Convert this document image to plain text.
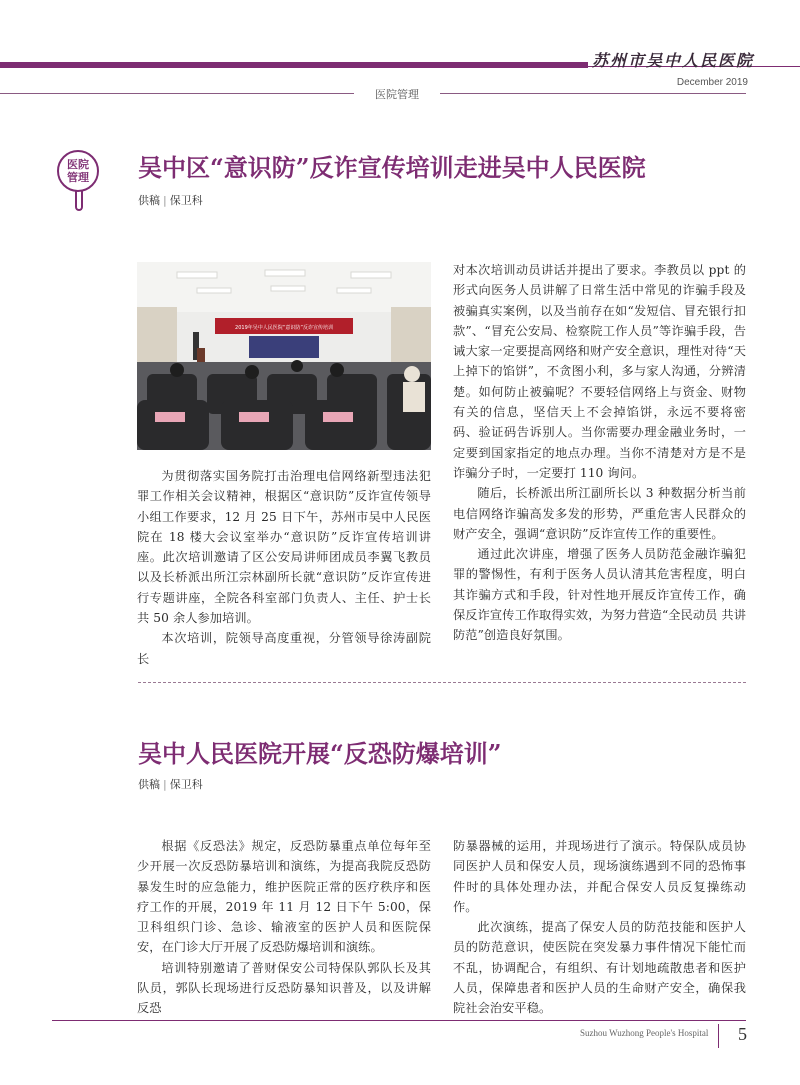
苏州市吴中人民医院
December 2019
医院管理
医院
管理 吴中区“意识防”反诈宣传培训走进吴中人民医院
供稿 | 保卫科
2019年吴中人民医院“意识防”反诈宣传培训

为贯彻落实国务院打击治理电信网络新型违法犯罪工作相关会议精神，根据区“意识防”反诈宣传领导小组工作要求，12 月 25 日下午，苏州市吴中人民医院在 18 楼大会议室举办“意识防”反诈宣传培训讲座。此次培训邀请了区公安局讲师团成员李翼飞教员以及长桥派出所江宗林副所长就“意识防”反诈宣传进行专题讲座，全院各科室部门负责人、主任、护士长共 50 余人参加培训。

本次培训，院领导高度重视，分管领导徐涛副院长

对本次培训动员讲话并提出了要求。李教员以 ppt 的形式向医务人员讲解了日常生活中常见的诈骗手段及被骗真实案例，以及当前存在如“发短信、冒充银行扣款”、“冒充公安局、检察院工作人员”等诈骗手段，告诫大家一定要提高网络和财产安全意识，理性对待“天上掉下的馅饼”，不贪图小利，多与家人沟通，分辨清楚。如何防止被骗呢？不要轻信网络上与资金、财物有关的信息，坚信天上不会掉馅饼，永远不要将密码、验证码告诉别人。当你需要办理金融业务时，一定要到国家指定的地点办理。当你不清楚对方是不是诈骗分子时，一定要打 110 询问。

随后，长桥派出所江副所长以 3 种数据分析当前电信网络诈骗高发多发的形势，严重危害人民群众的财产安全，强调“意识防”反诈宣传工作的重要性。

通过此次讲座，增强了医务人员防范金融诈骗犯罪的警惕性，有利于医务人员认清其危害程度，明白其诈骗方式和手段，针对性地开展反诈宣传工作，确保反诈宣传工作取得实效，为努力营造“全民动员 共讲防范”创造良好氛围。

吴中人民医院开展“反恐防爆培训”
供稿 | 保卫科

根据《反恐法》规定，反恐防暴重点单位每年至少开展一次反恐防暴培训和演练，为提高我院反恐防暴发生时的应急能力，维护医院正常的医疗秩序和医疗工作的开展，2019 年 11 月 12 日下午 5:00，保卫科组织门诊、急诊、输液室的医护人员和医院保安，在门诊大厅开展了反恐防爆培训和演练。

培训特别邀请了普财保安公司特保队郭队长及其队员，郭队长现场进行反恐防暴知识普及，以及讲解反恐

防暴器械的运用，并现场进行了演示。特保队成员协同医护人员和保安人员，现场演练遇到不同的恐怖事件时的具体处理办法，并配合保安人员反复操练动作。

此次演练，提高了保安人员的防范技能和医护人员的防范意识，使医院在突发暴力事件情况下能忙而不乱，协调配合，有组织、有计划地疏散患者和医护人员，保障患者和医护人员的生命财产安全，确保我院社会治安平稳。

Suzhou Wuzhong People's Hospital	5
